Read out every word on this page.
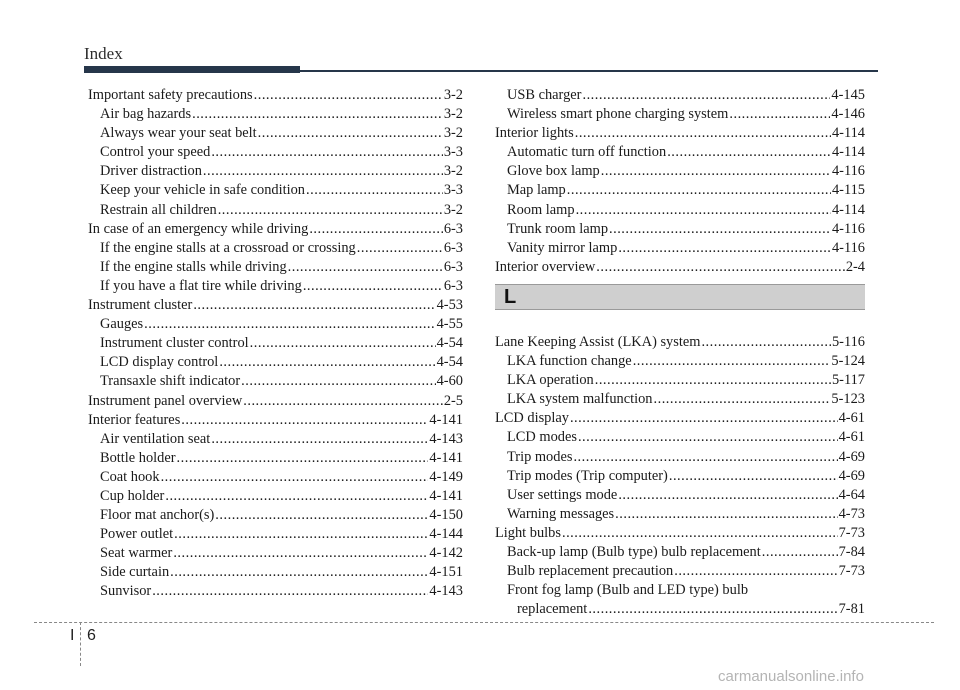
Index
Important safety precautions .....	3-2
Air bag hazards .....	3-2
Always wear your seat belt .....	3-2
Control your speed .....	3-3
Driver distraction .....	3-2
Keep your vehicle in safe condition .....	3-3
Restrain all children .....	3-2
In case of an emergency while driving .....	6-3
If the engine stalls at a crossroad or crossing .....	6-3
If the engine stalls while driving .....	6-3
If you have a flat tire while driving .....	6-3
Instrument cluster .....	4-53
Gauges .....	4-55
Instrument cluster control .....	4-54
LCD display control .....	4-54
Transaxle shift indicator .....	4-60
Instrument panel overview .....	2-5
Interior features .....	4-141
Air ventilation seat .....	4-143
Bottle holder .....	4-141
Coat hook .....	4-149
Cup holder .....	4-141
Floor mat anchor(s) .....	4-150
Power outlet .....	4-144
Seat warmer .....	4-142
Side curtain .....	4-151
Sunvisor .....	4-143
USB charger .....	4-145
Wireless smart phone charging system .....	4-146
Interior lights .....	4-114
Automatic turn off function .....	4-114
Glove box lamp .....	4-116
Map lamp .....	4-115
Room lamp .....	4-114
Trunk room lamp .....	4-116
Vanity mirror lamp .....	4-116
Interior overview .....	2-4
L
Lane Keeping Assist (LKA) system .....	5-116
LKA function change .....	5-124
LKA operation .....	5-117
LKA system malfunction .....	5-123
LCD display .....	4-61
LCD modes .....	4-61
Trip modes .....	4-69
Trip modes (Trip computer) .....	4-69
User settings mode .....	4-64
Warning messages .....	4-73
Light bulbs .....	7-73
Back-up lamp (Bulb type) bulb replacement .....	7-84
Bulb replacement precaution .....	7-73
Front fog lamp (Bulb and LED type) bulb
replacement .....	7-81
I 6
carmanualsonline.info
